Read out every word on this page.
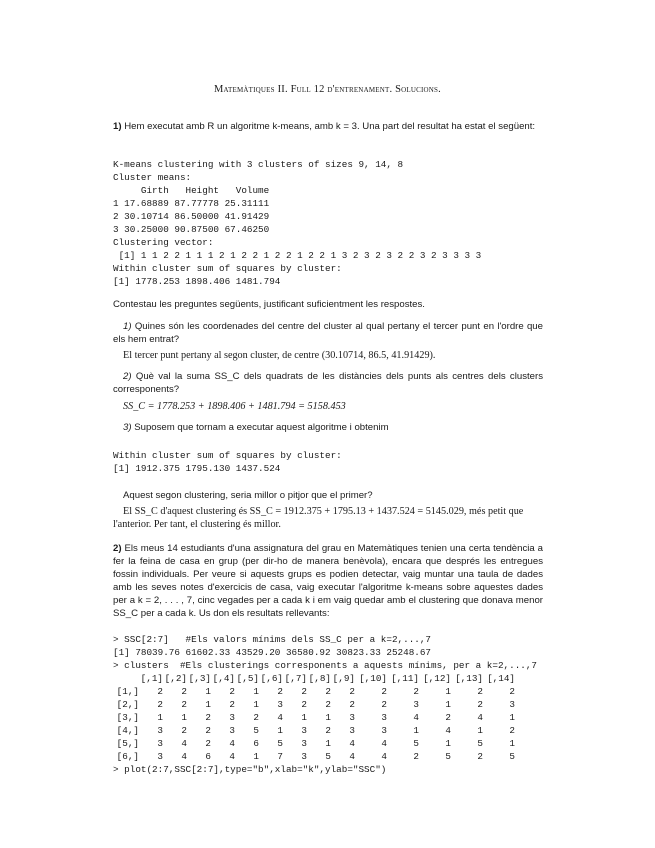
Matemàtiques II. Full 12 d'entrenament. Solucions.

1) Hem executat amb R un algoritme k-means, amb k = 3. Una part del resultat ha estat el següent:

K-means clustering with 3 clusters of sizes 9, 14, 8
Cluster means:
Girth   Height   Volume
1 17.68889 87.77778 25.31111
2 30.10714 86.50000 41.91429
3 30.25000 90.87500 67.46250
Clustering vector:
[1] 1 1 2 2 1 1 1 2 1 2 2 1 2 2 1 2 2 1 3 2 3 2 3 2 2 3 2 3 3 3 3
Within cluster sum of squares by cluster:
[1] 1778.253 1898.406 1481.794

Contestau les preguntes següents, justificant suficientment les respostes.

1) Quines són les coordenades del centre del cluster al qual pertany el tercer punt en l'ordre que els hem entrat?

El tercer punt pertany al segon cluster, de centre (30.10714, 86.5, 41.91429).

2) Què val la suma SS_C dels quadrats de les distàncies dels punts als centres dels clusters corresponents?

SS_C = 1778.253 + 1898.406 + 1481.794 = 5158.453

3) Suposem que tornam a executar aquest algoritme i obtenim

Within cluster sum of squares by cluster:
[1] 1912.375 1795.130 1437.524

Aquest segon clustering, seria millor o pitjor que el primer?

El SS_C d'aquest clustering és SS_C = 1912.375 + 1795.13 + 1437.524 = 5145.029, més petit que l'anterior. Per tant, el clustering és millor.

2) Els meus 14 estudiants d'una assignatura del grau en Matemàtiques tenien una certa tendència a fer la feina de casa en grup (per dir-ho de manera benèvola), encara que després les entregues fossin individuals. Per veure si aquests grups es podien detectar, vaig muntar una taula de dades amb les seves notes d'exercicis de casa, vaig executar l'algoritme k-means sobre aquestes dades per a k = 2, . . . , 7, cinc vegades per a cada k i em vaig quedar amb el clustering que donava menor SS_C per a cada k. Us don els resultats rellevants:

> SSC[2:7]   #Els valors mínims dels SS_C per a k=2,...,7
[1] 78039.76 61602.33 43529.20 36580.92 30823.33 25248.67
> clusters  #Els clusterings corresponents a aquests mínims, per a k=2,...,7
	[,1]	[,2]	[,3]	[,4]	[,5]	[,6]	[,7]	[,8]	[,9]	[,10]	[,11]	[,12]	[,13]	[,14]
[1,]	2	2	1	2	1	2	2	2	2	2	2	1	2	2
[2,]	2	2	1	2	1	3	2	2	2	2	3	1	2	3
[3,]	1	1	2	3	2	4	1	1	3	3	4	2	4	1
[4,]	3	2	2	3	5	1	3	2	3	3	1	4	1	2
[5,]	3	4	2	4	6	5	3	1	4	4	5	1	5	1
[6,]	3	4	6	4	1	7	3	5	4	4	2	5	2	5
> plot(2:7,SSC[2:7],type="b",xlab="k",ylab="SSC")
